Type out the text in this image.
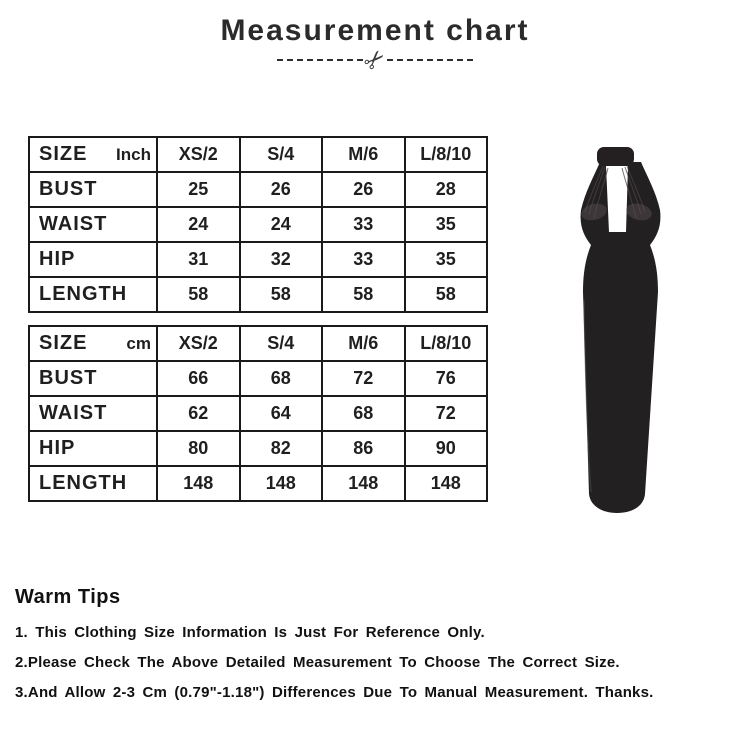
Measurement chart
✂
SIZE Inch	XS/2	S/4	M/6	L/8/10
BUST	25	26	26	28
WAIST	24	24	33	35
HIP	31	32	33	35
LENGTH	58	58	58	58
SIZE cm	XS/2	S/4	M/6	L/8/10
BUST	66	68	72	76
WAIST	62	64	68	72
HIP	80	82	86	90
LENGTH	148	148	148	148
Warm Tips

1. This Clothing Size Information Is Just For Reference Only.

2.Please Check The Above Detailed Measurement To Choose The Correct Size.

3.And Allow 2-3 Cm (0.79"-1.18") Differences Due To Manual Measurement. Thanks.
